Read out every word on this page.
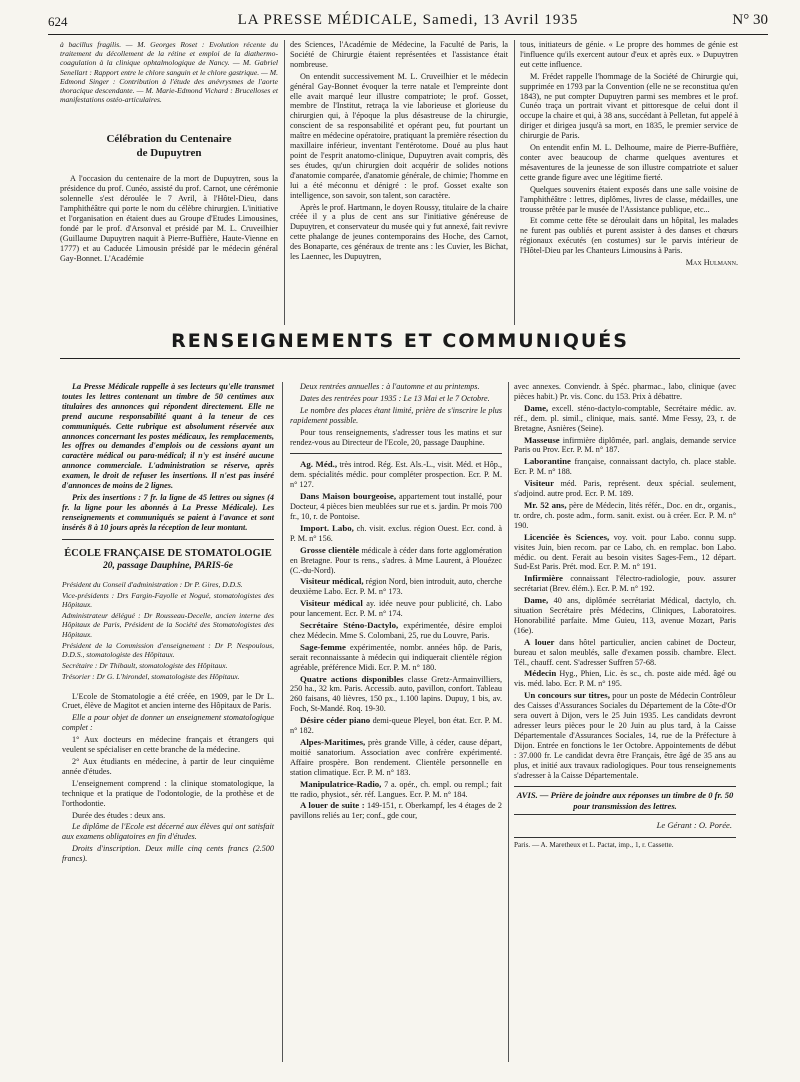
624	LA PRESSE MÉDICALE, Samedi, 13 Avril 1935	N° 30

à bacillus fragilis. — M. Georges Roset : Evolution récente du traitement du décollement de la rétine et emploi de la diathermo-coagulation à la clinique ophtalmologique de Nancy. — M. Gabriel Senellart : Rapport entre le chlore sanguin et le chlore gastrique. — M. Edmond Singer : Contribution à l'étude des anévrysmes de l'aorte thoracique descendante. — M. Marie-Edmond Vichard : Brucelloses et manifestations ostéo-articulaires.

Célébration du Centenaire
de Dupuytren

A l'occasion du centenaire de la mort de Dupuytren, sous la présidence du prof. Cunéo, assisté du prof. Carnot, une cérémonie solennelle s'est déroulée le 7 Avril, à l'Hôtel-Dieu, dans l'amphithéâtre qui porte le nom du célèbre chirurgien. L'initiative et l'organisation en étaient dues au Groupe d'Etudes Limousines, fondé par le prof. d'Arsonval et présidé par M. L. Cruveilhier (Guillaume Dupuytren naquit à Pierre-Buffière, Haute-Vienne en 1777) et au Caducée Limousin présidé par le médecin général Gay-Bonnet. L'Académie

des Sciences, l'Académie de Médecine, la Faculté de Paris, la Société de Chirurgie étaient représentées et l'assistance était nombreuse.

On entendit successivement M. L. Cruveilhier et le médecin général Gay-Bonnet évoquer la terre natale et l'empreinte dont elle avait marqué leur illustre compatriote; le prof. Gosset, membre de l'Institut, retraça la vie laborieuse et glorieuse du chirurgien qui, à l'époque la plus désastreuse de la chirurgie, conscient de sa responsabilité et opérant peu, fut pourtant un maître en médecine opératoire, pratiquant la première résection du maxillaire inférieur, inventant l'entérotome. Doué au plus haut point de l'esprit anatomo-clinique, Dupuytren avait compris, dès ses études, qu'un chirurgien doit acquérir de solides notions d'anatomie comparée, d'anatomie générale, de chimie; l'homme en lui a été méconnu et dénigré : le prof. Gosset exalte son intelligence, son savoir, son talent, son caractère.

Après le prof. Hartmann, le doyen Roussy, titulaire de la chaire créée il y a plus de cent ans sur l'initiative généreuse de Dupuytren, et conservateur du musée qui y fut annexé, fait revivre cette phalange de jeunes contemporains des Hoche, des Carnot, des Bonaparte, ces généraux de trente ans : les Cuvier, les Bichat, les Laennec, les Dupuytren,

tous, initiateurs de génie. « Le propre des hommes de génie est l'influence qu'ils exercent autour d'eux et après eux. » Dupuytren eut cette influence.

M. Frédet rappelle l'hommage de la Société de Chirurgie qui, supprimée en 1793 par la Convention (elle ne se reconstitua qu'en 1843), ne put compter Dupuytren parmi ses membres et le prof. Cunéo traça un portrait vivant et pittoresque de celui dont il occupe la chaire et qui, à 38 ans, succédant à Pelletan, fut appelé à diriger et dirigea jusqu'à sa mort, en 1835, le premier service de chirurgie de Paris.

On entendit enfin M. L. Delhoume, maire de Pierre-Buffière, conter avec beaucoup de charme quelques aventures et mésaventures de la jeunesse de son illustre compatriote et saluer cette grande figure avec une légitime fierté.

Quelques souvenirs étaient exposés dans une salle voisine de l'amphithéâtre : lettres, diplômes, livres de classe, médailles, une trousse prêtée par le musée de l'Assistance publique, etc...

Et comme cette fête se déroulait dans un hôpital, les malades ne furent pas oubliés et purent assister à des danses et chœurs régionaux exécutés (en costumes) sur le parvis intérieur de l'Hôtel-Dieu par les Chanteurs Limousins à Paris.

Max Hulmann.

RENSEIGNEMENTS ET COMMUNIQUÉS

La Presse Médicale rappelle à ses lecteurs qu'elle transmet toutes les lettres contenant un timbre de 50 centimes aux titulaires des annonces qui répondent directement. Elle ne prend aucune responsabilité quant à la teneur de ces communiqués. Cette rubrique est absolument réservée aux annonces concernant les postes médicaux, les remplacements, les offres ou demandes d'emplois ou de cessions ayant un caractère médical ou para-médical; il n'y est inséré aucune annonce commerciale. L'administration se réserve, après examen, le droit de refuser les insertions. Il n'est pas inséré d'annonces de moins de 2 lignes.

Prix des insertions : 7 fr. la ligne de 45 lettres ou signes (4 fr. la ligne pour les abonnés à La Presse Médicale). Les renseignements et communiqués se paient à l'avance et sont insérés 8 à 10 jours après la réception de leur montant.

ÉCOLE FRANÇAISE DE STOMATOLOGIE
20, passage Dauphine, PARIS-6e

Président du Conseil d'administration : Dr P. Gires, D.D.S.

Vice-présidents : Drs Fargin-Fayolle et Nogué, stomatologistes des Hôpitaux.

Administrateur délégué : Dr Rousseau-Decelle, ancien interne des Hôpitaux de Paris, Président de la Société des Stomatologistes des Hôpitaux.

Président de la Commission d'enseignement : Dr P. Nespoulous, D.D.S., stomatologiste des Hôpitaux.

Secrétaire : Dr Thibault, stomatologiste des Hôpitaux.

Trésorier : Dr G. L'hirondel, stomatologiste des Hôpitaux.

L'Ecole de Stomatologie a été créée, en 1909, par le Dr L. Cruet, élève de Magitot et ancien interne des Hôpitaux de Paris.

Elle a pour objet de donner un enseignement stomatologique complet :

1° Aux docteurs en médecine français et étrangers qui veulent se spécialiser en cette branche de la médecine.

2° Aux étudiants en médecine, à partir de leur cinquième année d'études.

L'enseignement comprend : la clinique stomatologique, la technique et la pratique de l'odontologie, de la prothèse et de l'orthodontie.

Durée des études : deux ans.

Le diplôme de l'Ecole est décerné aux élèves qui ont satisfait aux examens obligatoires en fin d'études.

Droits d'inscription. Deux mille cinq cents francs (2.500 francs).

Deux rentrées annuelles : à l'automne et au printemps.

Dates des rentrées pour 1935 : Le 13 Mai et le 7 Octobre.

Le nombre des places étant limité, prière de s'inscrire le plus rapidement possible.

Pour tous renseignements, s'adresser tous les matins et sur rendez-vous au Directeur de l'Ecole, 20, passage Dauphine.

Ag. Méd., très introd. Rég. Est. Als.-L., visit. Méd. et Hôp., dem. spécialités médic. pour compléter prospection. Ecr. P. M. n° 127.

Dans Maison bourgeoise, appartement tout installé, pour Docteur, 4 pièces bien meublées sur rue et s. jardin. Pr mois 700 fr., 10, r. de Pontoise.

Import. Labo, ch. visit. exclus. région Ouest. Ecr. cond. à P. M. n° 156.

Grosse clientèle médicale à céder dans forte agglomération en Bretagne. Pour ts rens., s'adres. à Mme Laurent, à Plouézec (C.-du-Nord).

Visiteur médical, région Nord, bien introduit, auto, cherche deuxième Labo. Ecr. P. M. n° 173.

Visiteur médical ay. idée neuve pour publicité, ch. Labo pour lancement. Ecr. P. M. n° 174.

Secrétaire Sténo-Dactylo, expérimentée, désire emploi chez Médecin. Mme S. Colombani, 25, rue du Louvre, Paris.

Sage-femme expérimentée, nombr. années hôp. de Paris, serait reconnaissante à médecin qui indiquerait clientèle région agréable, préférence Midi. Ecr. P. M. n° 180.

Quatre actions disponibles classe Gretz-Armainvilliers, 250 ha., 32 km. Paris. Accessib. auto, pavillon, confort. Tableau 260 faisans, 40 lièvres, 150 px., 1.100 lapins. Dupuy, 1 bis, av. Foch, St-Mandé. Roq. 19-30.

Désire céder piano demi-queue Pleyel, bon état. Ecr. P. M. n° 182.

Alpes-Maritimes, près grande Ville, à céder, cause départ, moitié sanatorium. Association avec confrère expérimenté. Affaire prospère. Bon rendement. Clientèle personnelle en station climatique. Ecr. P. M. n° 183.

Manipulatrice-Radio, 7 a. opér., ch. empl. ou rempl.; fait tte radio, physiot., sér. réf. Langues. Ecr. P. M. n° 184.

A louer de suite : 149-151, r. Oberkampf, les 4 étages de 2 pavillons reliés au 1er; conf., gde cour,

avec annexes. Conviendr. à Spéc. pharmac., labo, clinique (avec pièces habit.) Pr. vis. Conc. du 153. Prix à débattre.

Dame, excell. sténo-dactylo-comptable, Secrétaire médic. av. réf., dem. pl. simil., clinique, mais. santé. Mme Fessy, 23, r. de Bretagne, Asnières (Seine).

Masseuse infirmière diplômée, parl. anglais, demande service Paris ou Prov. Ecr. P. M. n° 187.

Laborantine française, connaissant dactylo, ch. place stable. Ecr. P. M. n° 188.

Visiteur méd. Paris, représent. deux spécial. seulement, s'adjoind. autre prod. Ecr. P. M. 189.

Mr. 52 ans, père de Médecin, lités référ., Doc. en dr., organis., tr. ordre, ch. poste adm., form. sanit. exist. ou à créer. Ecr. P. M. n° 190.

Licenciée ès Sciences, voy. voit. pour Labo. connu supp. visites Juin, bien recom. par ce Labo, ch. en remplac. bon Labo. médic. ou dent. Ferait au besoin visites Sages-Fem., 12 départ. Sud-Est Paris. Prét. mod. Ecr. P. M. n° 191.

Infirmière connaissant l'électro-radiologie, pouv. assurer secrétariat (Brev. élém.). Ecr. P. M. n° 192.

Dame, 40 ans, diplômée secrétariat Médical, dactylo, ch. situation Secrétaire près Médecins, Cliniques, Laboratoires. Honorabilité parfaite. Mme Guieu, 113, avenue Mozart, Paris (16e).

A louer dans hôtel particulier, ancien cabinet de Docteur, bureau et salon meublés, salle d'examen possib. chambre. Elect. Tél., chauff. cent. S'adresser Suffren 57-68.

Médecin Hyg., Phien, Lic. ès sc., ch. poste aide méd. âgé ou vis. méd. labo. Ecr. P. M. n° 195.

Un concours sur titres, pour un poste de Médecin Contrôleur des Caisses d'Assurances Sociales du Département de la Côte-d'Or sera ouvert à Dijon, vers le 25 Juin 1935. Les candidats devront adresser leurs pièces pour le 20 Juin au plus tard, à la Caisse Départementale d'Assurances Sociales, 14, rue de la Préfecture à Dijon. Entrée en fonctions le 1er Octobre. Appointements de début : 37.000 fr. Le candidat devra être Français, être âgé de 35 ans au plus, et initié aux travaux radiologiques. Pour tous renseignements s'adresser à la Caisse Départementale.

AVIS. — Prière de joindre aux réponses un timbre de 0 fr. 50 pour transmission des lettres.
Le Gérant : O. Porée.
Paris. — A. Maretheux et L. Pactat, imp., 1, r. Cassette.
